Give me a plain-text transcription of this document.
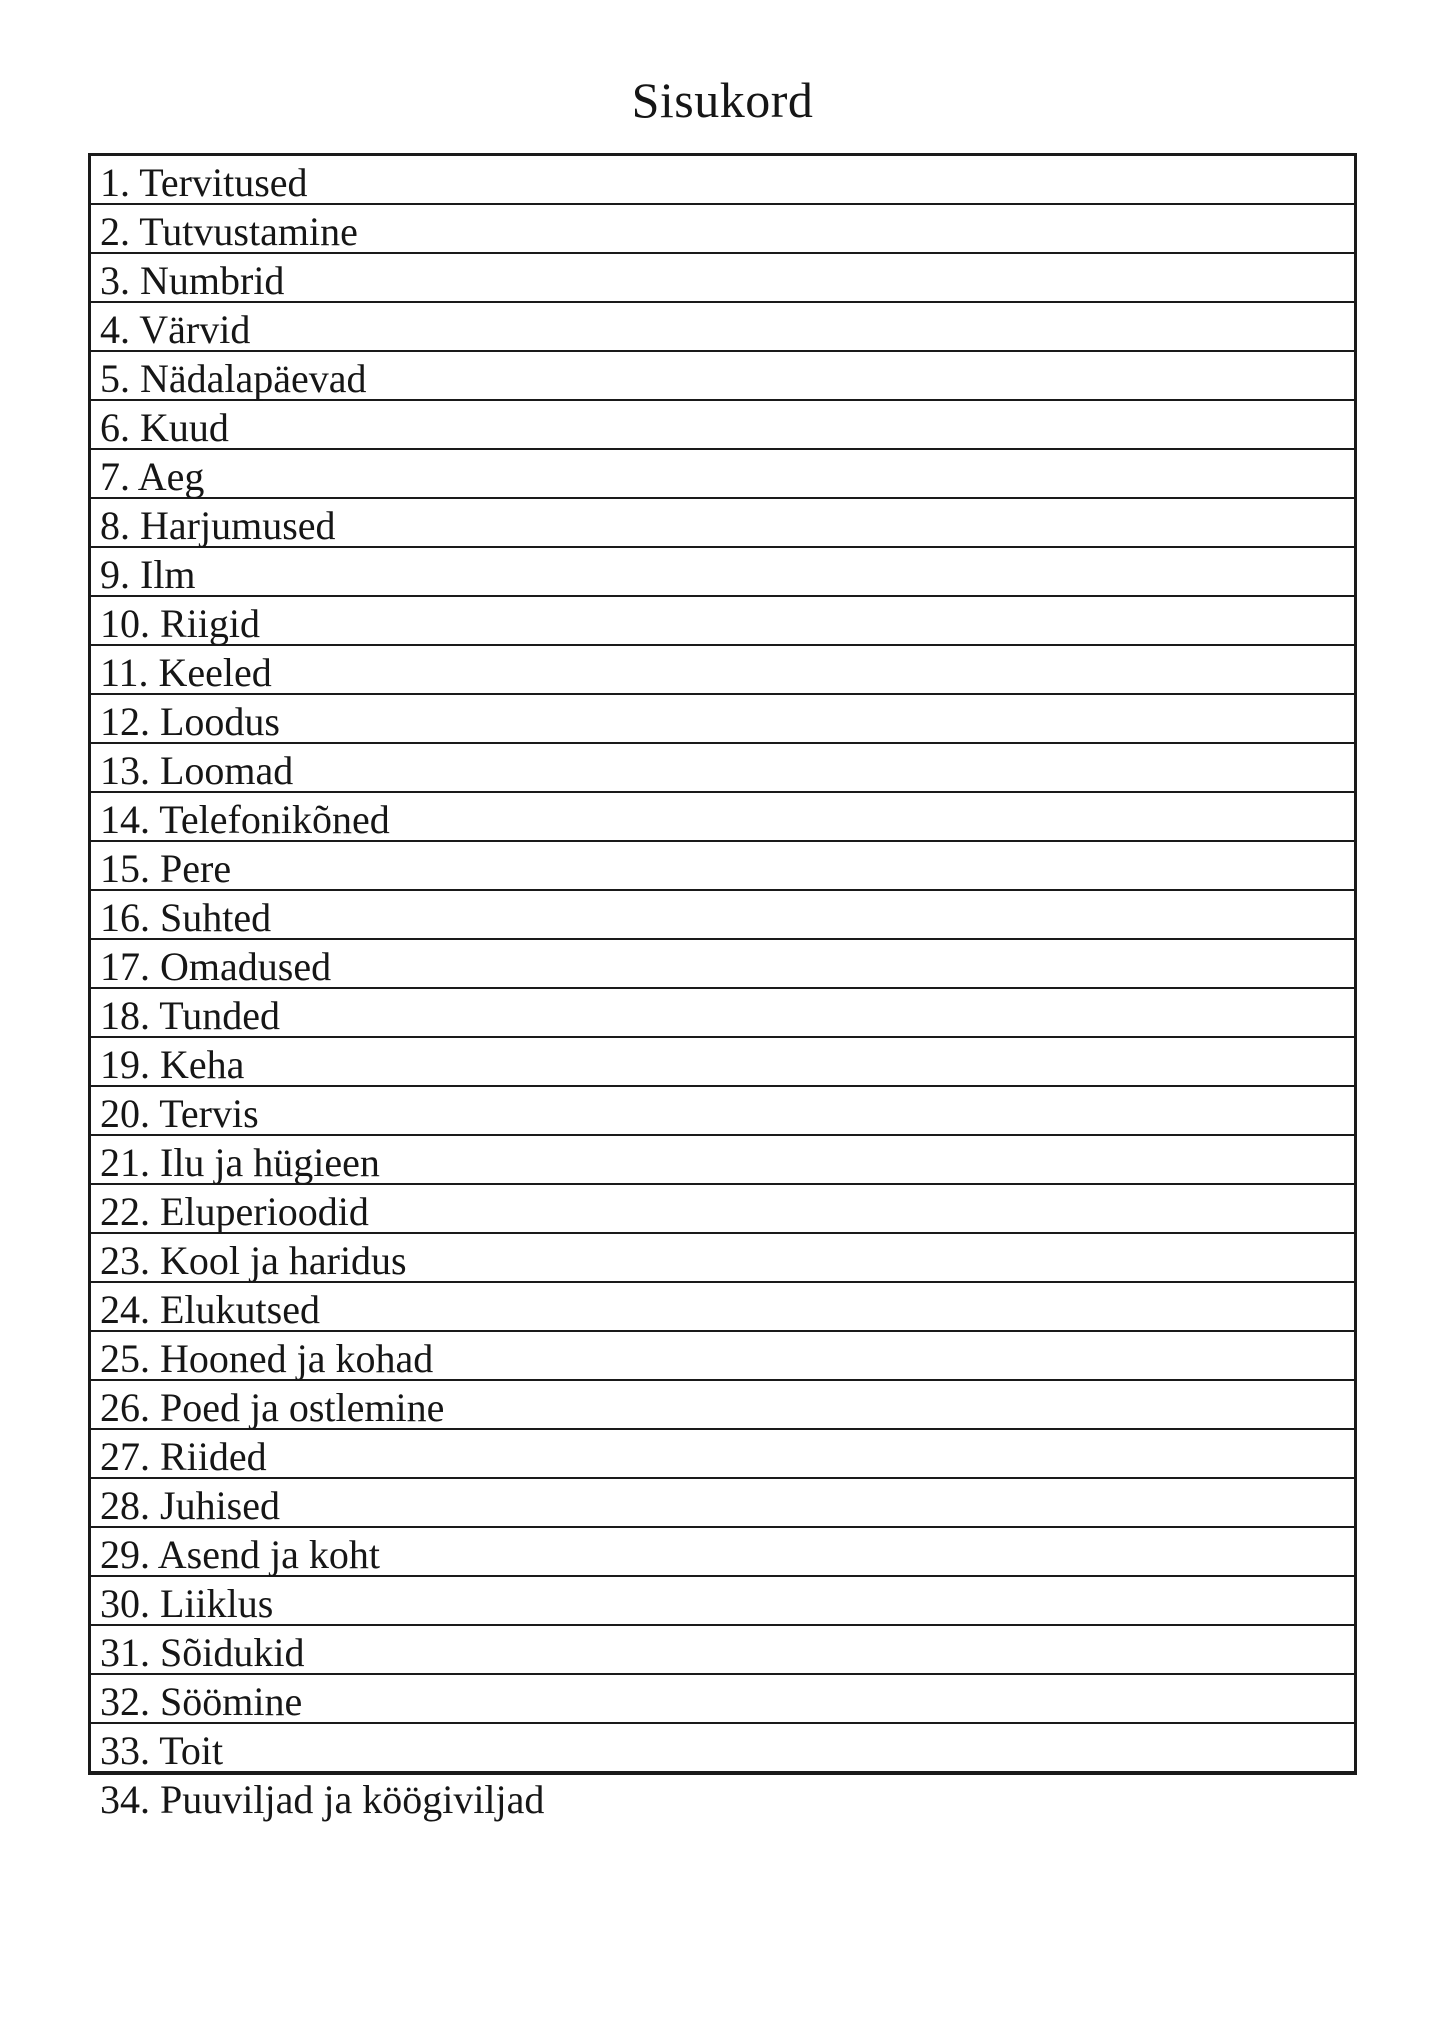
Sisukord
1. Tervitused
2. Tutvustamine
3. Numbrid
4. Värvid
5. Nädalapäevad
6. Kuud
7. Aeg
8. Harjumused
9. Ilm
10. Riigid
11. Keeled
12. Loodus
13. Loomad
14. Telefonikõned
15. Pere
16. Suhted
17. Omadused
18. Tunded
19. Keha
20. Tervis
21. Ilu ja hügieen
22. Eluperioodid
23. Kool ja haridus
24. Elukutsed
25. Hooned ja kohad
26. Poed ja ostlemine
27. Riided
28. Juhised
29. Asend ja koht
30. Liiklus
31. Sõidukid
32. Söömine
33. Toit
34. Puuviljad ja köögiviljad
